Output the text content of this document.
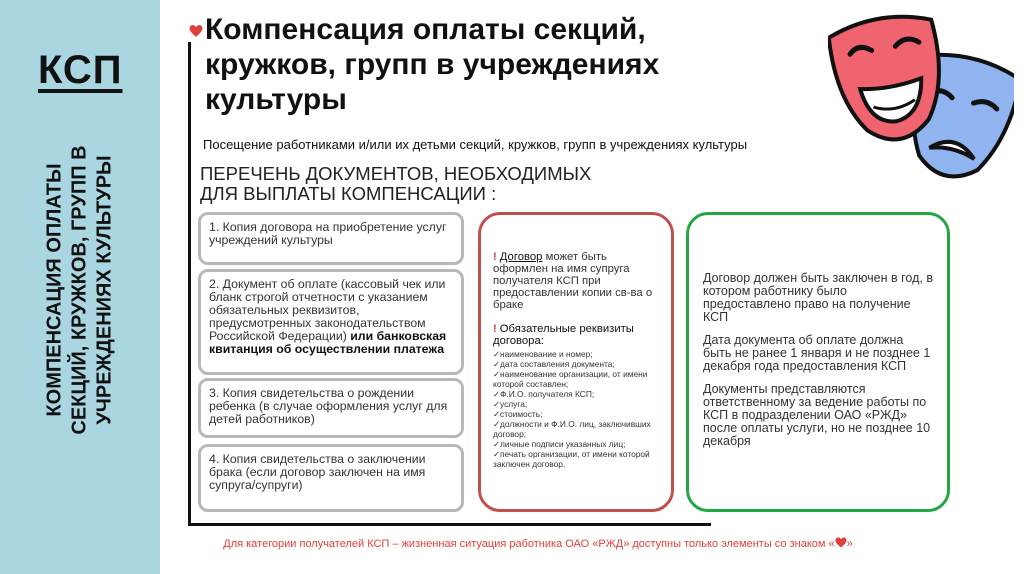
КСП
КОМПЕНСАЦИЯ ОПЛАТЫ СЕКЦИЙ, КРУЖКОВ, ГРУПП В УЧРЕЖДЕНИЯХ КУЛЬТУРЫ
Компенсация оплаты секций, кружков, групп в учреждениях культуры
Посещение работниками и/или их детьми секций, кружков, групп в учреждениях культуры
ПЕРЕЧЕНЬ ДОКУМЕНТОВ, НЕОБХОДИМЫХ
ДЛЯ ВЫПЛАТЫ КОМПЕНСАЦИИ :

1. Копия договора на приобретение услуг учреждений культуры

2. Документ об оплате (кассовый чек или бланк строгой отчетности с указанием обязательных реквизитов, предусмотренных законодательством Российской Федерации) или банковская квитанция об осуществлении платежа

3. Копия свидетельства о рождении ребенка (в случае оформления услуг для детей работников)

4. Копия свидетельства о заключении брака (если договор заключен на имя супруга/супруги)

! Договор может быть оформлен на имя супруга получателя КСП при предоставлении копии св-ва о браке

! Обязательные реквизиты договора:

✓наименование и номер;
✓дата составления документа;
✓наименование организации, от имени которой составлен;
✓Ф.И.О. получателя КСП;
✓услуга;
✓стоимость;
✓должности и Ф.И.О. лиц, заключивших договор;
✓личные подписи указанных лиц;
✓печать организации, от имени которой заключен договор.

Договор должен быть заключен в год, в котором работнику было предоставлено право на получение КСП

Дата документа об оплате должна быть не ранее 1 января и не позднее 1 декабря года предоставления КСП

Документы представляются ответственному за ведение работы по КСП в подразделении ОАО «РЖД» после оплаты услуги, но не позднее 10 декабря

Для категории получателей КСП – жизненная ситуация работника ОАО «РЖД» доступны только элементы со знаком « »
